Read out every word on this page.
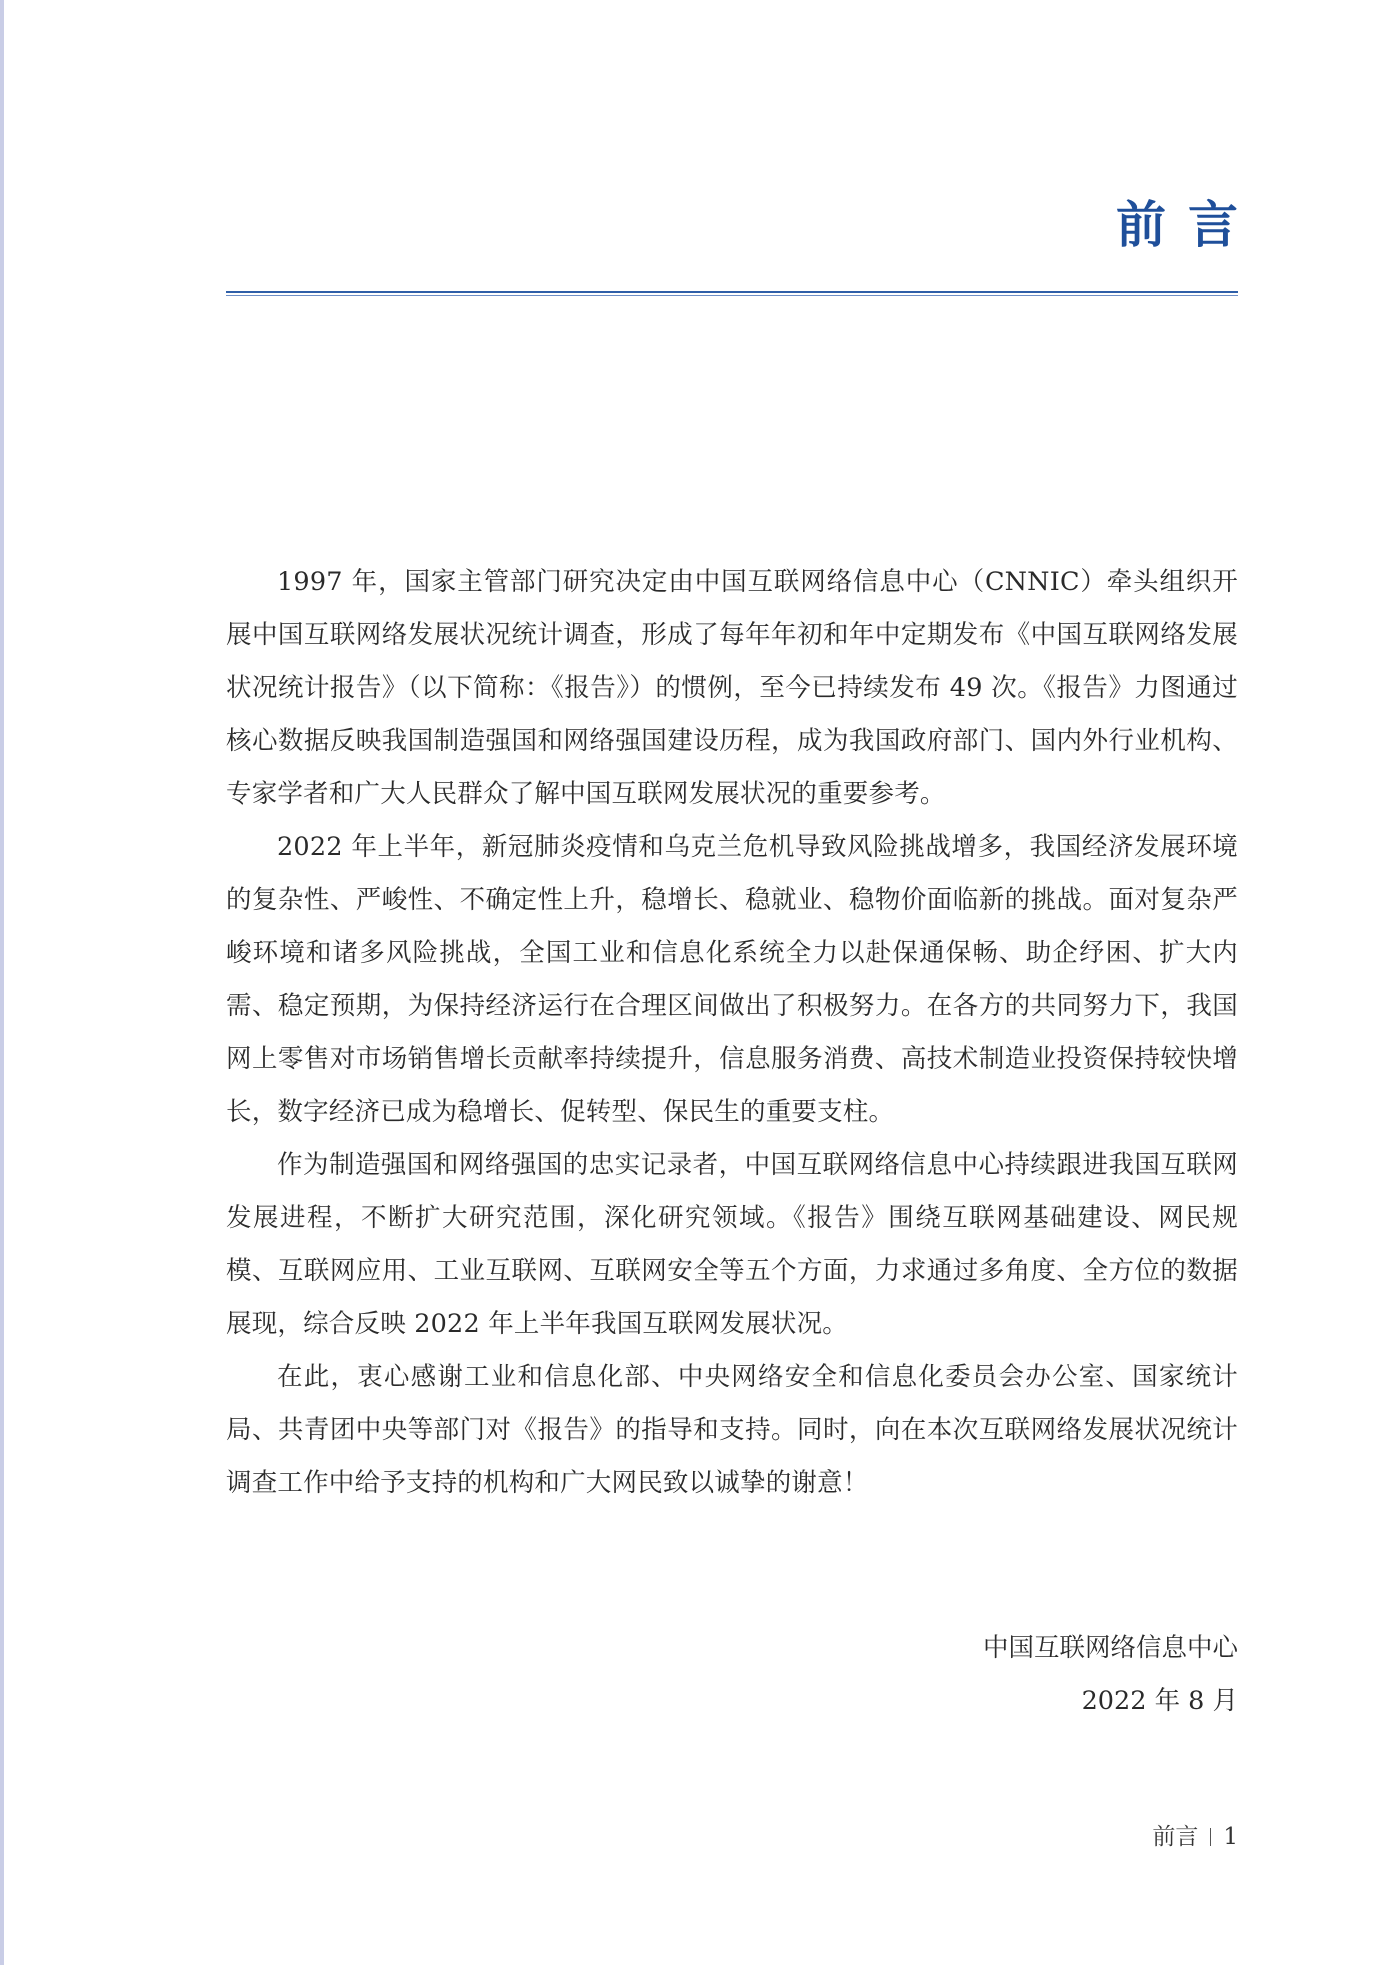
前言

1997 年，国家主管部门研究决定由中国互联网络信息中心（CNNIC）牵头组织开展中国互联网络发展状况统计调查，形成了每年年初和年中定期发布《中国互联网络发展状况统计报告》（以下简称：《报告》）的惯例，至今已持续发布 49 次。《报告》力图通过核心数据反映我国制造强国和网络强国建设历程，成为我国政府部门、国内外行业机构、专家学者和广大人民群众了解中国互联网发展状况的重要参考。

2022 年上半年，新冠肺炎疫情和乌克兰危机导致风险挑战增多，我国经济发展环境的复杂性、严峻性、不确定性上升，稳增长、稳就业、稳物价面临新的挑战。面对复杂严峻环境和诸多风险挑战，全国工业和信息化系统全力以赴保通保畅、助企纾困、扩大内需、稳定预期，为保持经济运行在合理区间做出了积极努力。在各方的共同努力下，我国网上零售对市场销售增长贡献率持续提升，信息服务消费、高技术制造业投资保持较快增长，数字经济已成为稳增长、促转型、保民生的重要支柱。

作为制造强国和网络强国的忠实记录者，中国互联网络信息中心持续跟进我国互联网发展进程，不断扩大研究范围，深化研究领域。《报告》围绕互联网基础建设、网民规模、互联网应用、工业互联网、互联网安全等五个方面，力求通过多角度、全方位的数据展现，综合反映 2022 年上半年我国互联网发展状况。

在此，衷心感谢工业和信息化部、中央网络安全和信息化委员会办公室、国家统计局、共青团中央等部门对《报告》的指导和支持。同时，向在本次互联网络发展状况统计调查工作中给予支持的机构和广大网民致以诚挚的谢意！

中国互联网络信息中心
2022 年 8 月
前言 1
